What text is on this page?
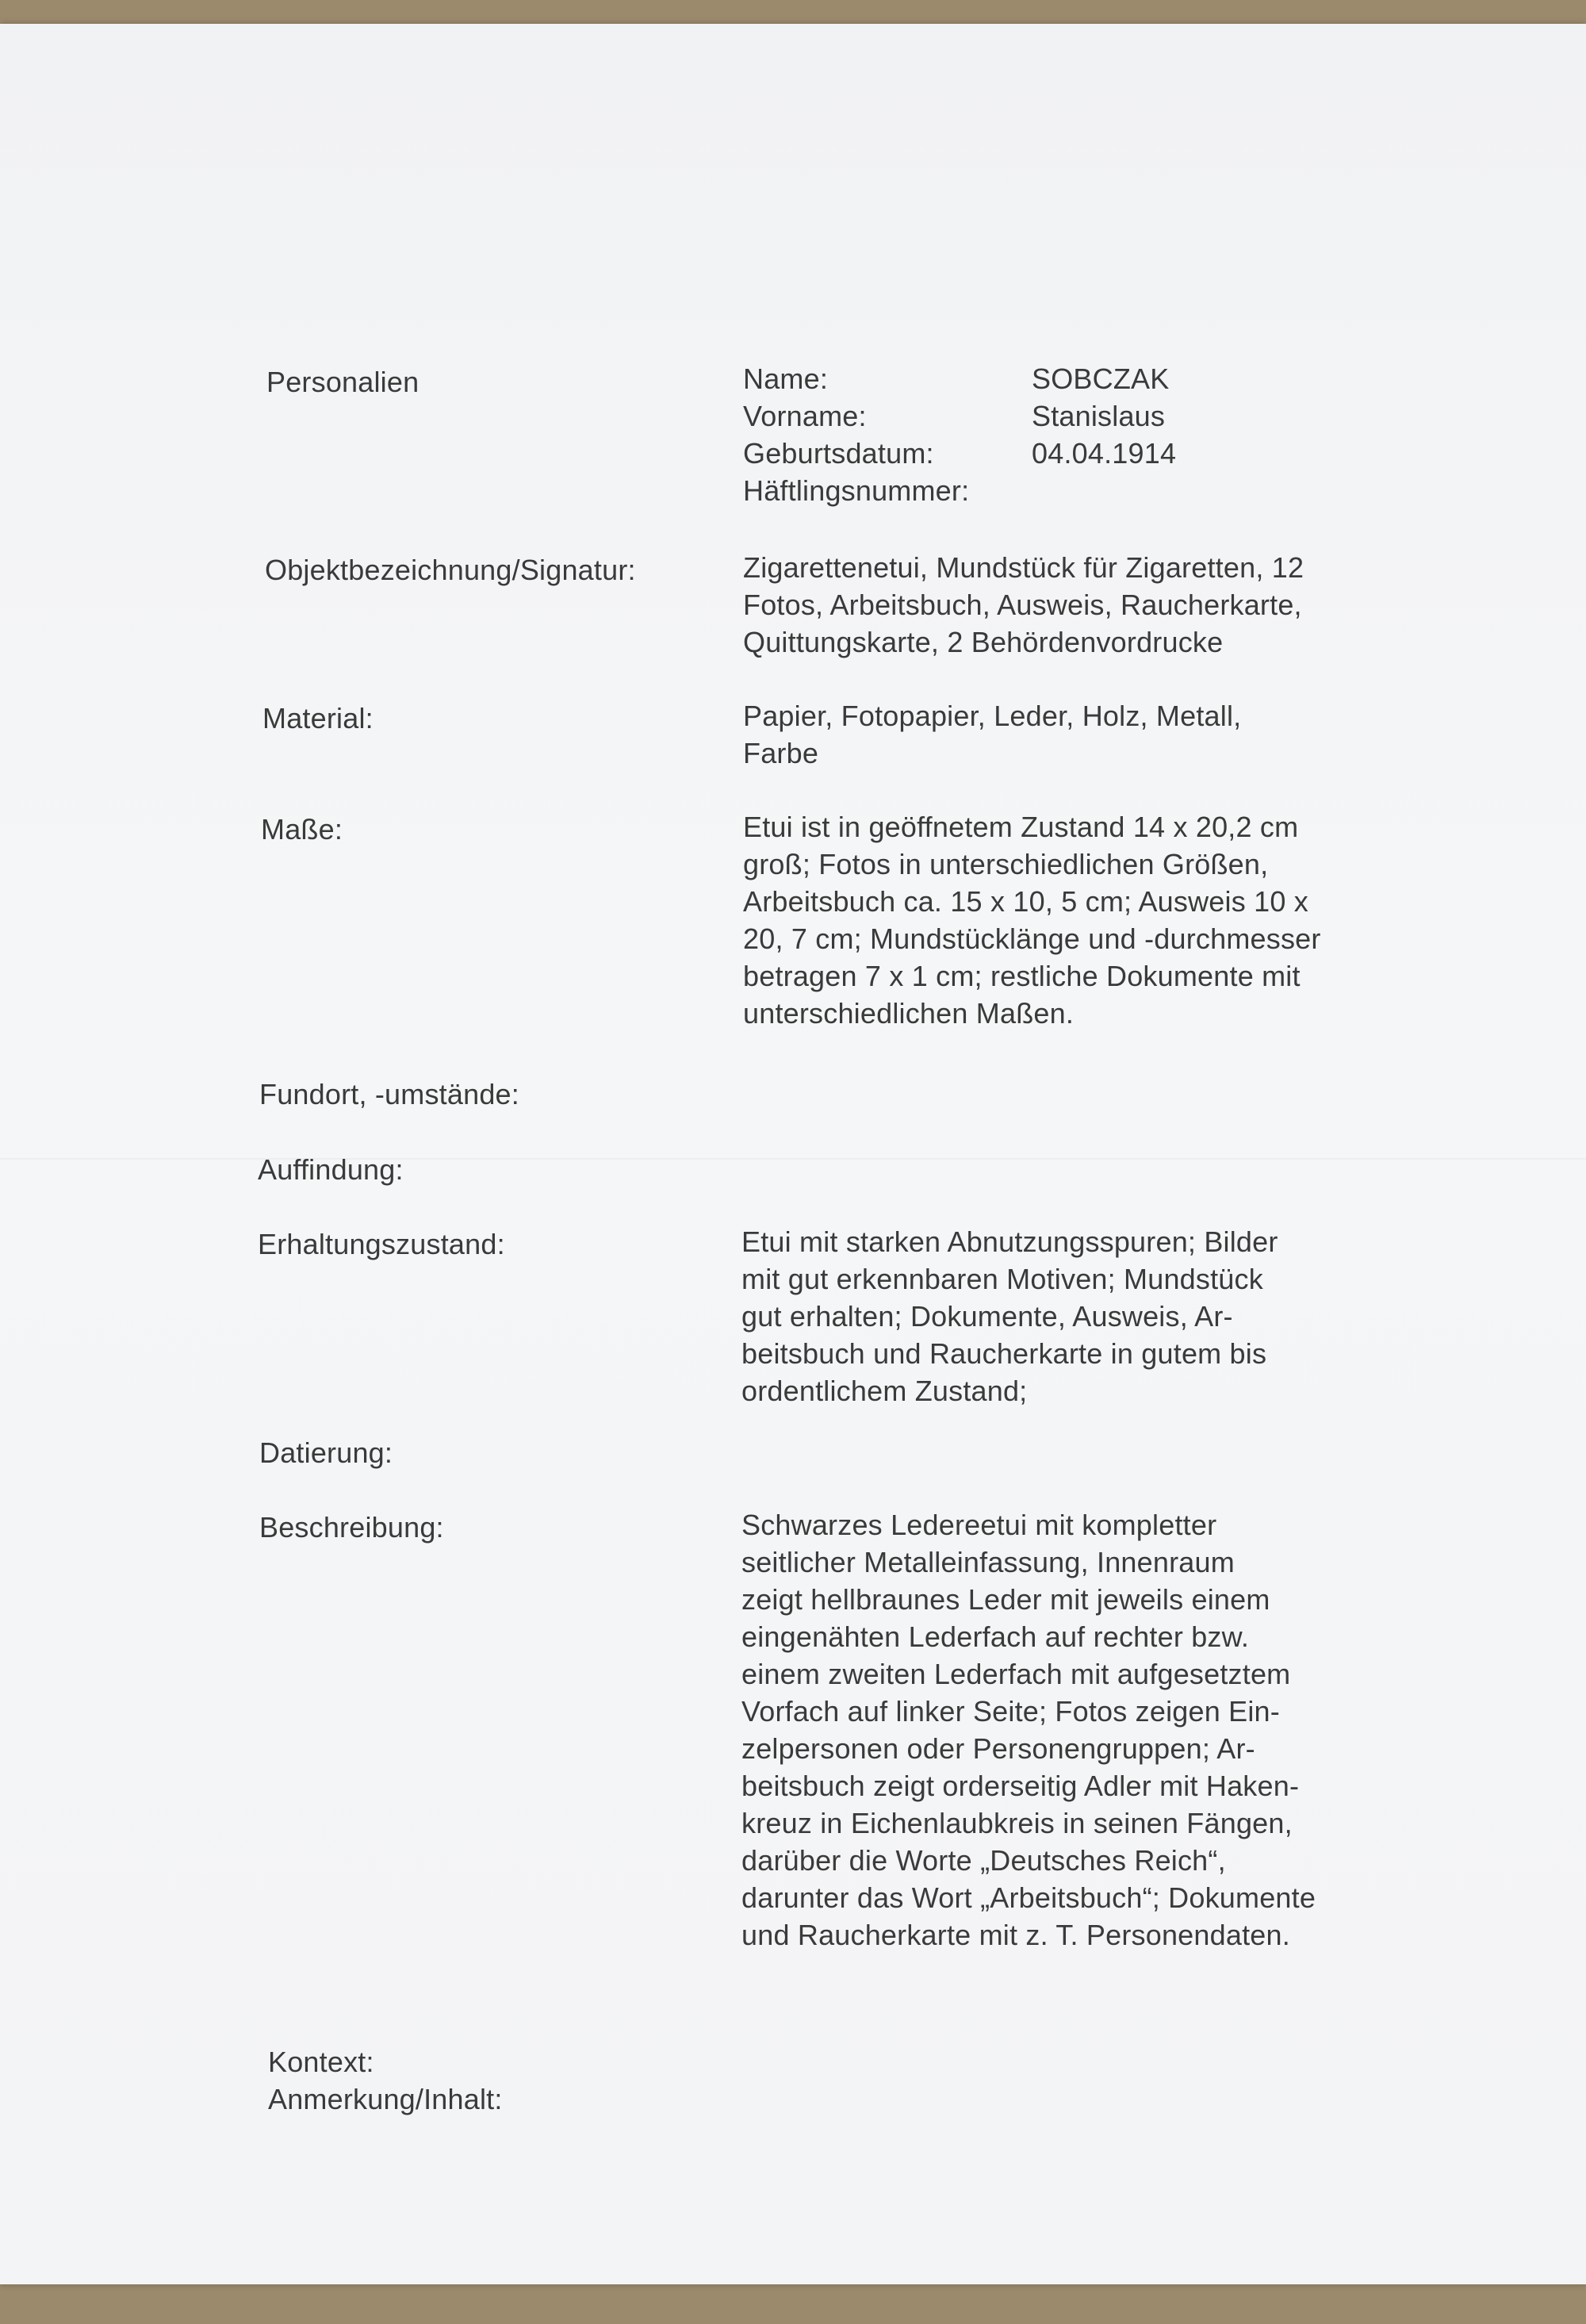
Personalien	Name:	SOBCZAK
Vorname:	Stanislaus
Geburtsdatum:	04.04.1914
Häftlingsnummer:
Objektbezeichnung/Signatur:	Zigarettenetui, Mundstück für Zigaretten, 12
Fotos, Arbeitsbuch, Ausweis, Raucherkarte,
Quittungskarte, 2 Behördenvordrucke
Material:	Papier, Fotopapier, Leder, Holz, Metall,
Farbe
Maße:	Etui ist in geöffnetem Zustand 14 x 20,2 cm
groß; Fotos in unterschiedlichen Größen,
Arbeitsbuch ca. 15 x 10, 5 cm; Ausweis 10 x
20, 7 cm; Mundstücklänge und -durchmesser
betragen 7 x 1 cm; restliche Dokumente mit
unterschiedlichen Maßen.
Fundort, -umstände:
Auffindung:
Erhaltungszustand:	Etui mit starken Abnutzungsspuren; Bilder
mit gut erkennbaren Motiven; Mundstück
gut erhalten; Dokumente, Ausweis, Ar-
beitsbuch und Raucherkarte in gutem bis
ordentlichem Zustand;
Datierung:
Beschreibung:	Schwarzes Ledereetui mit kompletter
seitlicher Metalleinfassung, Innenraum
zeigt hellbraunes Leder mit jeweils einem
eingenähten Lederfach auf rechter bzw.
einem zweiten Lederfach mit aufgesetztem
Vorfach auf linker Seite; Fotos zeigen Ein-
zelpersonen oder Personengruppen; Ar-
beitsbuch zeigt orderseitig Adler mit Haken-
kreuz in Eichenlaubkreis in seinen Fängen,
darüber die Worte „Deutsches Reich“,
darunter das Wort „Arbeitsbuch“; Dokumente
und Raucherkarte mit z. T. Personendaten.
Kontext:
Anmerkung/Inhalt:
